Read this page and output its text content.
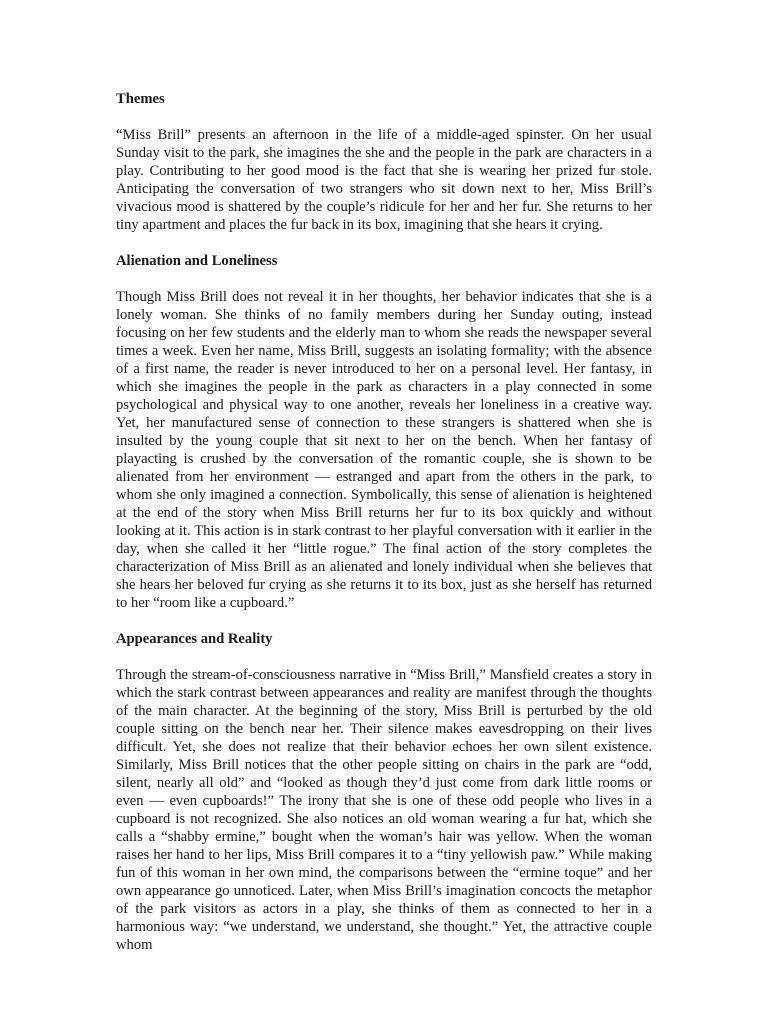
Themes

“Miss Brill” presents an afternoon in the life of a middle-aged spinster. On her usual Sunday visit to the park, she imagines the she and the people in the park are characters in a play. Contributing to her good mood is the fact that she is wearing her prized fur stole. Anticipating the conversation of two strangers who sit down next to her, Miss Brill’s vivacious mood is shattered by the couple’s ridicule for her and her fur. She returns to her tiny apartment and places the fur back in its box, imagining that she hears it crying.

Alienation and Loneliness

Though Miss Brill does not reveal it in her thoughts, her behavior indicates that she is a lonely woman. She thinks of no family members during her Sunday outing, instead focusing on her few students and the elderly man to whom she reads the newspaper several times a week. Even her name, Miss Brill, suggests an isolating formality; with the absence of a first name, the reader is never introduced to her on a personal level. Her fantasy, in which she imagines the people in the park as characters in a play connected in some psychological and physical way to one another, reveals her loneliness in a creative way. Yet, her manufactured sense of connection to these strangers is shattered when she is insulted by the young couple that sit next to her on the bench. When her fantasy of playacting is crushed by the conversation of the romantic couple, she is shown to be alienated from her environment — estranged and apart from the others in the park, to whom she only imagined a connection. Symbolically, this sense of alienation is heightened at the end of the story when Miss Brill returns her fur to its box quickly and without looking at it. This action is in stark contrast to her playful conversation with it earlier in the day, when she called it her “little rogue.” The final action of the story completes the characterization of Miss Brill as an alienated and lonely individual when she believes that she hears her beloved fur crying as she returns it to its box, just as she herself has returned to her “room like a cupboard.”

Appearances and Reality

Through the stream-of-consciousness narrative in “Miss Brill,” Mansfield creates a story in which the stark contrast between appearances and reality are manifest through the thoughts of the main character. At the beginning of the story, Miss Brill is perturbed by the old couple sitting on the bench near her. Their silence makes eavesdropping on their lives difficult. Yet, she does not realize that their behavior echoes her own silent existence. Similarly, Miss Brill notices that the other people sitting on chairs in the park are “odd, silent, nearly all old” and “looked as though they’d just come from dark little rooms or even — even cupboards!” The irony that she is one of these odd people who lives in a cupboard is not recognized. She also notices an old woman wearing a fur hat, which she calls a “shabby ermine,” bought when the woman’s hair was yellow. When the woman raises her hand to her lips, Miss Brill compares it to a “tiny yellowish paw.” While making fun of this woman in her own mind, the comparisons between the “ermine toque” and her own appearance go unnoticed. Later, when Miss Brill’s imagination concocts the metaphor of the park visitors as actors in a play, she thinks of them as connected to her in a harmonious way: “we understand, we understand, she thought.” Yet, the attractive couple whom
